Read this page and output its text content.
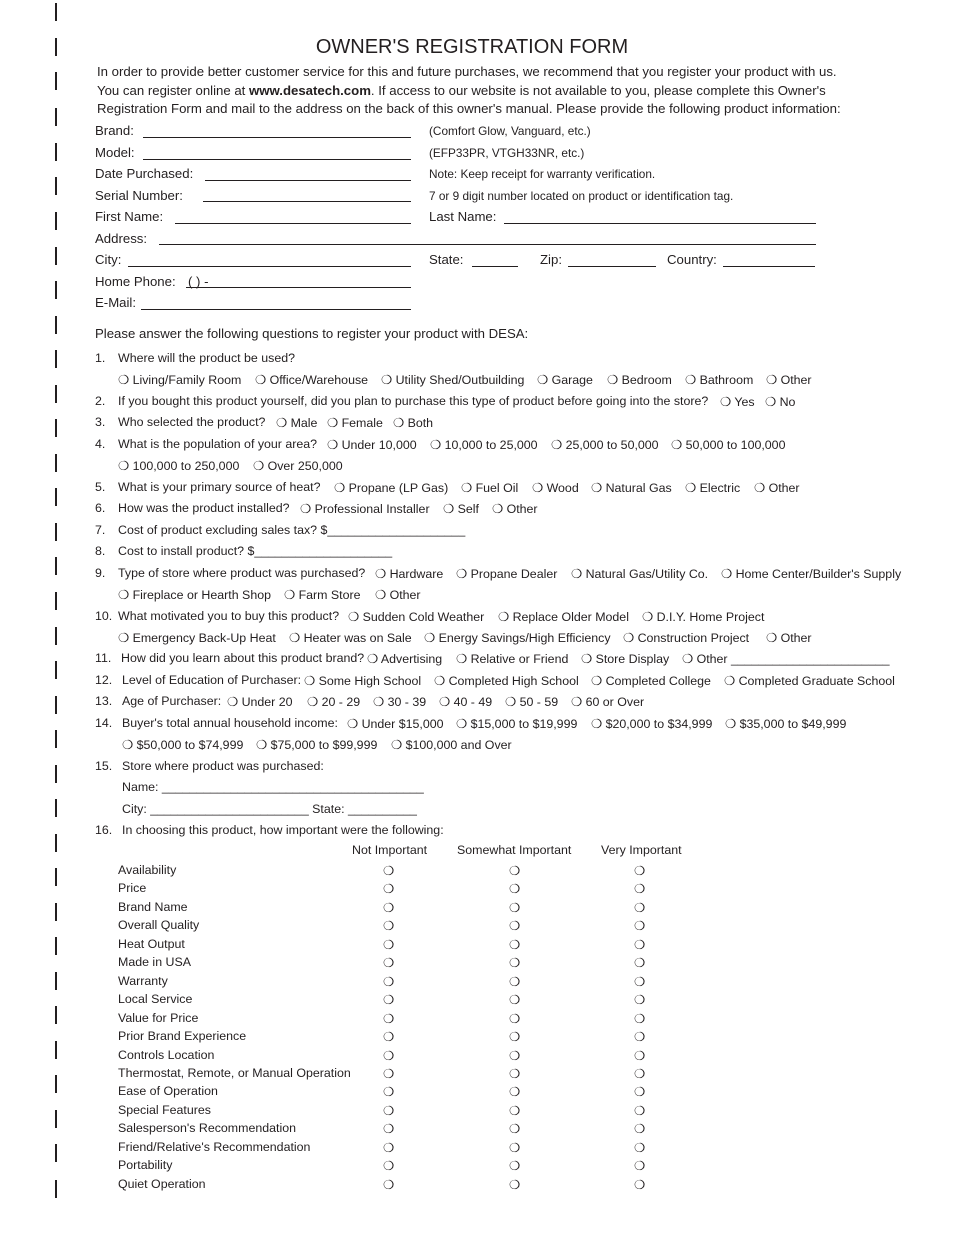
OWNER'S REGISTRATION FORM
In order to provide better customer service for this and future purchases, we recommend that you register your product with us.
You can register online at www.desatech.com. If access to our website is not available to you, please complete this Owner's
Registration Form and mail to the address on the back of this owner's manual. Please provide the following product information:
Brand:	(Comfort Glow, Vanguard, etc.)
Model:	(EFP33PR, VTGH33NR, etc.)
Date Purchased:	Note: Keep receipt for warranty verification.
Serial Number:	7 or 9 digit number located on product or identification tag.
First Name:	Last Name:
Address:
City:	State:	Zip:	Country:
Home Phone: ( ) -
E-Mail:
Please answer the following questions to register your product with DESA:
1. Where will the product be used?
❍ Living/Family Room ❍ Office/Warehouse ❍ Utility Shed/Outbuilding ❍ Garage ❍ Bedroom ❍ Bathroom ❍ Other
2. If you bought this product yourself, did you plan to purchase this type of product before going into the store? ❍ Yes ❍ No
3. Who selected the product? ❍ Male ❍ Female ❍ Both
4. What is the population of your area? ❍ Under 10,000 ❍ 10,000 to 25,000 ❍ 25,000 to 50,000 ❍ 50,000 to 100,000
❍ 100,000 to 250,000 ❍ Over 250,000
5. What is your primary source of heat? ❍ Propane (LP Gas) ❍ Fuel Oil ❍ Wood ❍ Natural Gas ❍ Electric ❍ Other
6. How was the product installed? ❍ Professional Installer ❍ Self ❍ Other
7. Cost of product excluding sales tax? $____________________
8. Cost to install product? $____________________
9. Type of store where product was purchased? ❍ Hardware ❍ Propane Dealer ❍ Natural Gas/Utility Co. ❍ Home Center/Builder's Supply
❍ Fireplace or Hearth Shop ❍ Farm Store ❍ Other
10. What motivated you to buy this product? ❍ Sudden Cold Weather ❍ Replace Older Model ❍ D.I.Y. Home Project
❍ Emergency Back-Up Heat ❍ Heater was on Sale ❍ Energy Savings/High Efficiency ❍ Construction Project ❍ Other
11. How did you learn about this product brand? ❍ Advertising ❍ Relative or Friend ❍ Store Display ❍ Other _______________________
12. Level of Education of Purchaser: ❍ Some High School ❍ Completed High School ❍ Completed College ❍ Completed Graduate School
13. Age of Purchaser: ❍ Under 20 ❍ 20 - 29 ❍ 30 - 39 ❍ 40 - 49 ❍ 50 - 59 ❍ 60 or Over
14. Buyer's total annual household income: ❍ Under $15,000 ❍ $15,000 to $19,999 ❍ $20,000 to $34,999 ❍ $35,000 to $49,999
❍ $50,000 to $74,999 ❍ $75,000 to $99,999 ❍ $100,000 and Over
15. Store where product was purchased:
Name: ______________________________________
City: _______________________ State: __________
16. In choosing this product, how important were the following:
Not Important Somewhat Important Very Important
Availability	❍	❍	❍
Price	❍	❍	❍
Brand Name	❍	❍	❍
Overall Quality	❍	❍	❍
Heat Output	❍	❍	❍
Made in USA	❍	❍	❍
Warranty	❍	❍	❍
Local Service	❍	❍	❍
Value for Price	❍	❍	❍
Prior Brand Experience	❍	❍	❍
Controls Location	❍	❍	❍
Thermostat, Remote, or Manual Operation	❍	❍	❍
Ease of Operation	❍	❍	❍
Special Features	❍	❍	❍
Salesperson's Recommendation	❍	❍	❍
Friend/Relative's Recommendation	❍	❍	❍
Portability	❍	❍	❍
Quiet Operation	❍	❍	❍
